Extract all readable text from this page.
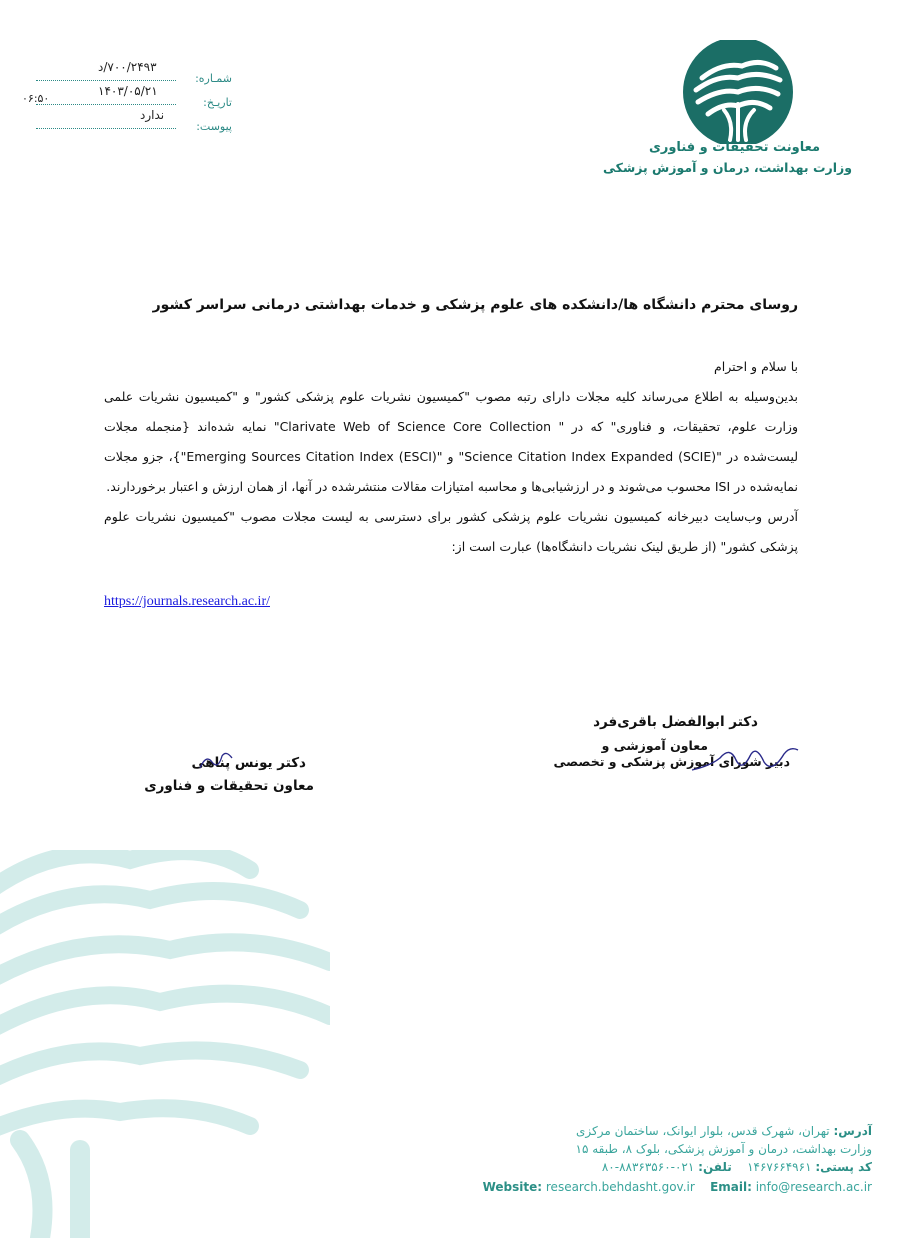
شمـاره:
۷۰۰/۲۴۹۳/د
تاریـخ:
۱۴۰۳/۰۵/۲۱
۰۶:۵۰
پیوست:
ندارد
معاونت تحقیقات و فناوری
وزارت بهداشت، درمان و آموزش پزشکی
روسای محترم دانشگاه ها/دانشکده های علوم پزشکی و خدمات بهداشتی درمانی سراسر کشور

با سلام و احترام

بدین‌وسیله به اطلاع می‌رساند کلیه مجلات دارای رتبه مصوب "کمیسیون نشریات علوم پزشکی کشور" و "کمیسیون نشریات علمی وزارت علوم، تحقیقات، و فناوری" که در " Clarivate Web of Science Core Collection" نمایه شده‌اند {منجمله مجلات لیست‌شده در "Science Citation Index Expanded (SCIE)" و "Emerging Sources Citation Index (ESCI)"}، جزو مجلات نمایه‌شده در ISI محسوب می‌شوند و در ارزشیابی‌ها و محاسبه امتیازات مقالات منتشرشده در آنها، از همان ارزش و اعتبار برخوردارند.

آدرس وب‌سایت دبیرخانه کمیسیون نشریات علوم پزشکی کشور برای دسترسی به لیست مجلات مصوب "کمیسیون نشریات علوم پزشکی کشور" (از طریق لینک نشریات دانشگاه‌ها) عبارت است از:

https://journals.research.ac.ir/
دکتر ابوالفضل باقری‌فرد
معاون آموزشی و
دبیر شورای آموزش پزشکی و تخصصی
دکتر یونس پناهی
معاون تحقیقات و فناوری
آدرس: تهران، شهرک قدس، بلوار ایوانک، ساختمان مرکزی
وزارت بهداشت، درمان و آموزش پزشکی، بلوک ۸، طبقه ۱۵
کد پستی: ۱۴۶۷۶۶۴۹۶۱    تلفن: ۰۲۱-۸۸۳۶۳۵۶۰-۸۰
Website: research.behdasht.gov.ir Email: info@research.ac.ir
